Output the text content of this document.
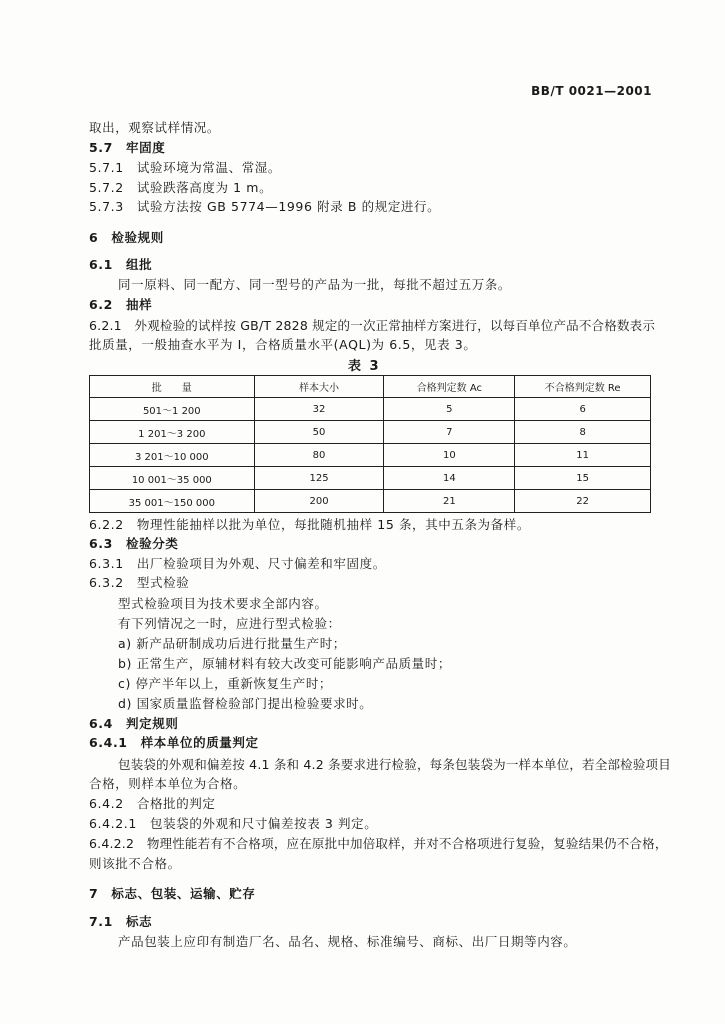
BB/T 0021—2001
取出，观察试样情况。
5.7　牢固度
5.7.1　试验环境为常温、常湿。
5.7.2　试验跌落高度为 1 m。
5.7.3　试验方法按 GB 5774—1996 附录 B 的规定进行。
6　检验规则
6.1　组批
同一原料、同一配方、同一型号的产品为一批，每批不超过五万条。
6.2　抽样
6.2.1　外观检验的试样按 GB/T 2828 规定的一次正常抽样方案进行，以每百单位产品不合格数表示
批质量，一般抽查水平为 I，合格质量水平(AQL)为 6.5，见表 3。
表 3
批　　量	样本大小	合格判定数 Ac	不合格判定数 Re
501～1 200	32	5	6
1 201～3 200	50	7	8
3 201～10 000	80	10	11
10 001～35 000	125	14	15
35 001～150 000	200	21	22
6.2.2　物理性能抽样以批为单位，每批随机抽样 15 条，其中五条为备样。
6.3　检验分类
6.3.1　出厂检验项目为外观、尺寸偏差和牢固度。
6.3.2　型式检验
型式检验项目为技术要求全部内容。
有下列情况之一时，应进行型式检验：
a) 新产品研制成功后进行批量生产时；
b) 正常生产，原辅材料有较大改变可能影响产品质量时；
c) 停产半年以上，重新恢复生产时；
d) 国家质量监督检验部门提出检验要求时。
6.4　判定规则
6.4.1　样本单位的质量判定
包装袋的外观和偏差按 4.1 条和 4.2 条要求进行检验，每条包装袋为一样本单位，若全部检验项目
合格，则样本单位为合格。
6.4.2　合格批的判定
6.4.2.1　包装袋的外观和尺寸偏差按表 3 判定。
6.4.2.2　物理性能若有不合格项，应在原批中加倍取样，并对不合格项进行复验，复验结果仍不合格，
则该批不合格。
7　标志、包装、运输、贮存
7.1　标志
产品包装上应印有制造厂名、品名、规格、标准编号、商标、出厂日期等内容。
